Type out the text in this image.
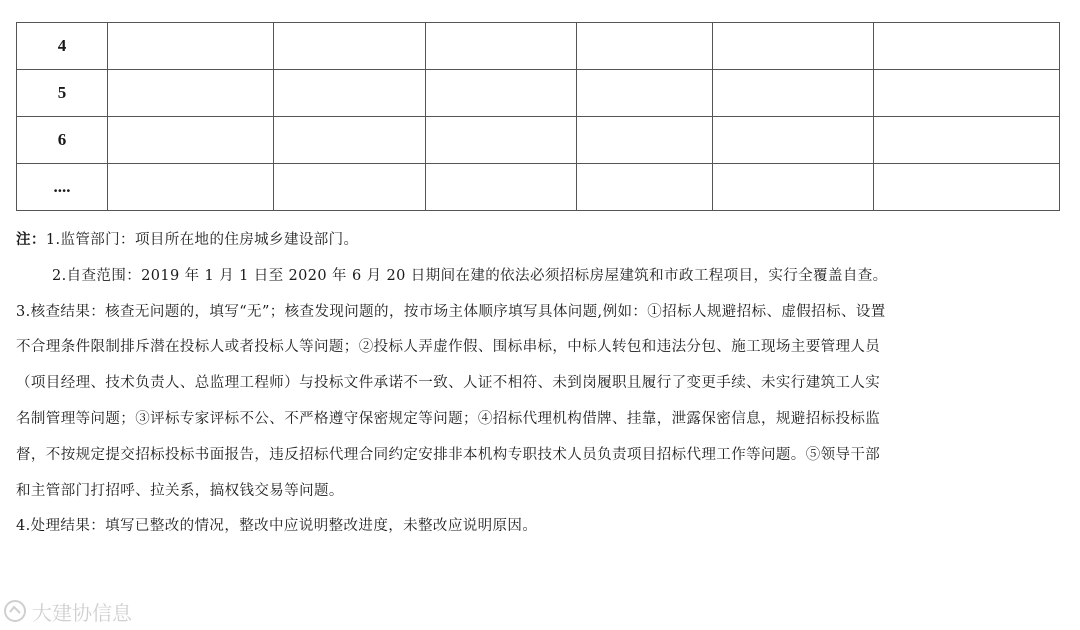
4						
5						
6						
....						

注：1.监管部门：项目所在地的住房城乡建设部门。

2.自查范围：2019 年 1 月 1 日至 2020 年 6 月 20 日期间在建的依法必须招标房屋建筑和市政工程项目，实行全覆盖自查。

3.核查结果：核查无问题的，填写“无”；核查发现问题的，按市场主体顺序填写具体问题,例如：①招标人规避招标、虚假招标、设置

不合理条件限制排斥潜在投标人或者投标人等问题；②投标人弄虚作假、围标串标，中标人转包和违法分包、施工现场主要管理人员

（项目经理、技术负责人、总监理工程师）与投标文件承诺不一致、人证不相符、未到岗履职且履行了变更手续、未实行建筑工人实

名制管理等问题；③评标专家评标不公、不严格遵守保密规定等问题；④招标代理机构借牌、挂靠，泄露保密信息，规避招标投标监

督，不按规定提交招标投标书面报告，违反招标代理合同约定安排非本机构专职技术人员负责项目招标代理工作等问题。⑤领导干部

和主管部门打招呼、拉关系，搞权钱交易等问题。

4.处理结果：填写已整改的情况，整改中应说明整改进度，未整改应说明原因。

大建协信息
